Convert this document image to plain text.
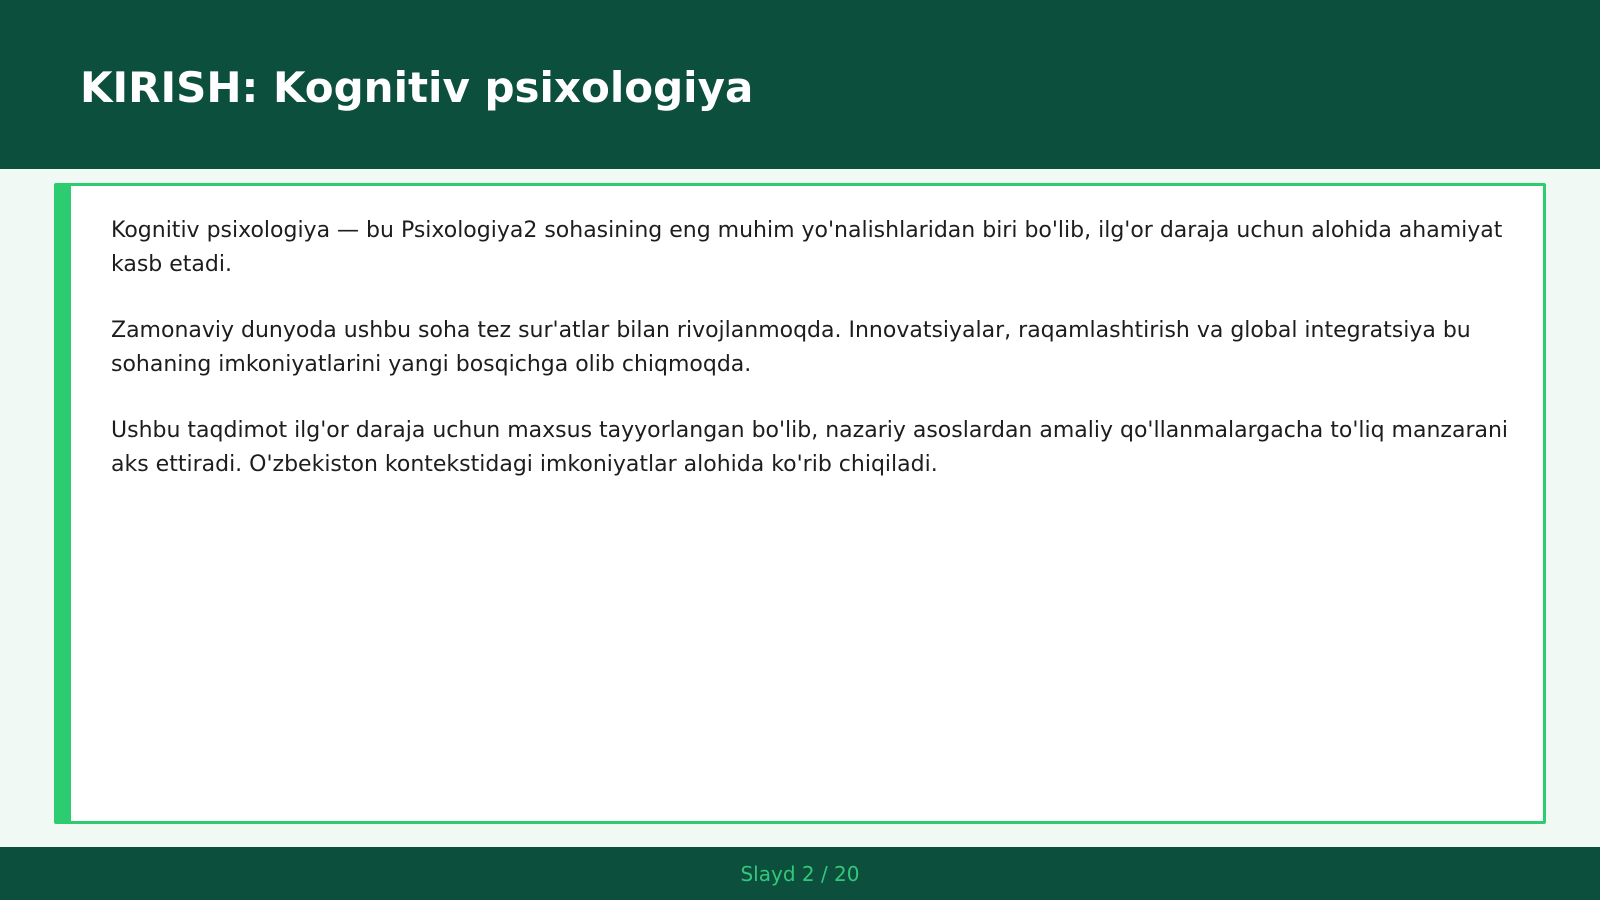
KIRISH: Kognitiv psixologiya

Kognitiv psixologiya — bu Psixologiya2 sohasining eng muhim yo'nalishlaridan biri bo'lib, ilg'or daraja uchun alohida ahamiyat kasb etadi.

Zamonaviy dunyoda ushbu soha tez sur'atlar bilan rivojlanmoqda. Innovatsiyalar, raqamlashtirish va global integratsiya bu sohaning imkoniyatlarini yangi bosqichga olib chiqmoqda.

Ushbu taqdimot ilg'or daraja uchun maxsus tayyorlangan bo'lib, nazariy asoslardan amaliy qo'llanmalargacha to'liq manzarani aks ettiradi. O'zbekiston kontekstidagi imkoniyatlar alohida ko'rib chiqiladi.

Slayd 2 / 20
